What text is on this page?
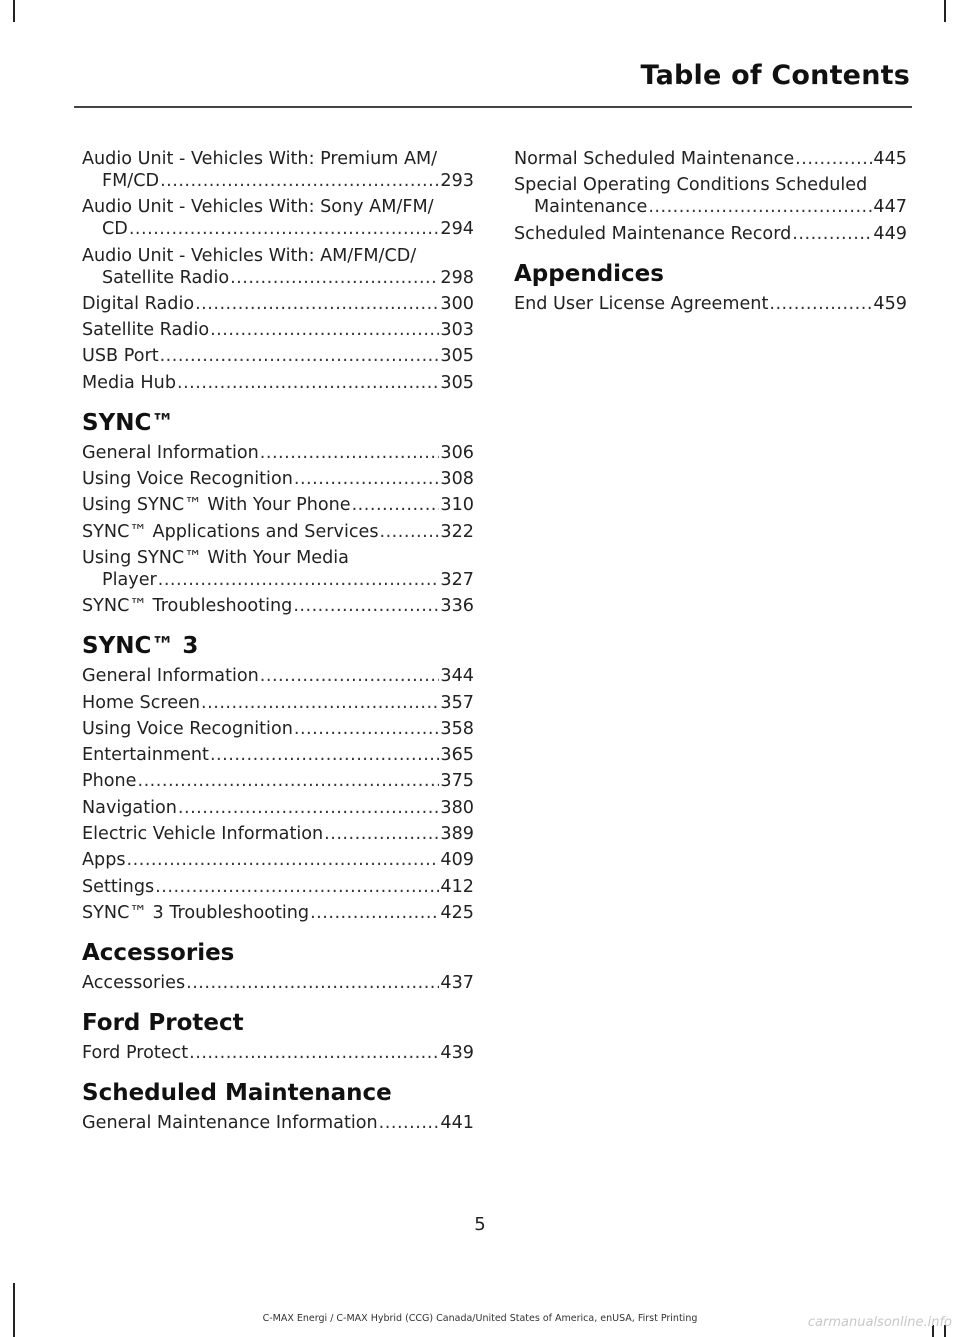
Table of Contents
Audio Unit - Vehicles With: Premium AM/
FM/CD .....	293
Audio Unit - Vehicles With: Sony AM/FM/
CD .....	294
Audio Unit - Vehicles With: AM/FM/CD/
Satellite Radio .....	298
Digital Radio .....	300
Satellite Radio .....	303
USB Port .....	305
Media Hub .....	305
SYNC™
General Information .....	306
Using Voice Recognition .....	308
Using SYNC™ With Your Phone .....	310
SYNC™ Applications and Services .....	322
Using SYNC™ With Your Media
Player .....	327
SYNC™ Troubleshooting .....	336
SYNC™ 3
General Information .....	344
Home Screen .....	357
Using Voice Recognition .....	358
Entertainment .....	365
Phone .....	375
Navigation .....	380
Electric Vehicle Information .....	389
Apps .....	409
Settings .....	412
SYNC™ 3 Troubleshooting .....	425
Accessories
Accessories .....	437
Ford Protect
Ford Protect .....	439
Scheduled Maintenance
General Maintenance Information .....	441
Normal Scheduled Maintenance .....	445
Special Operating Conditions Scheduled
Maintenance .....	447
Scheduled Maintenance Record .....	449
Appendices
End User License Agreement .....	459
5
C-MAX Energi / C-MAX Hybrid (CCG) Canada/United States of America, enUSA, First Printing	carmanualsonline.info
